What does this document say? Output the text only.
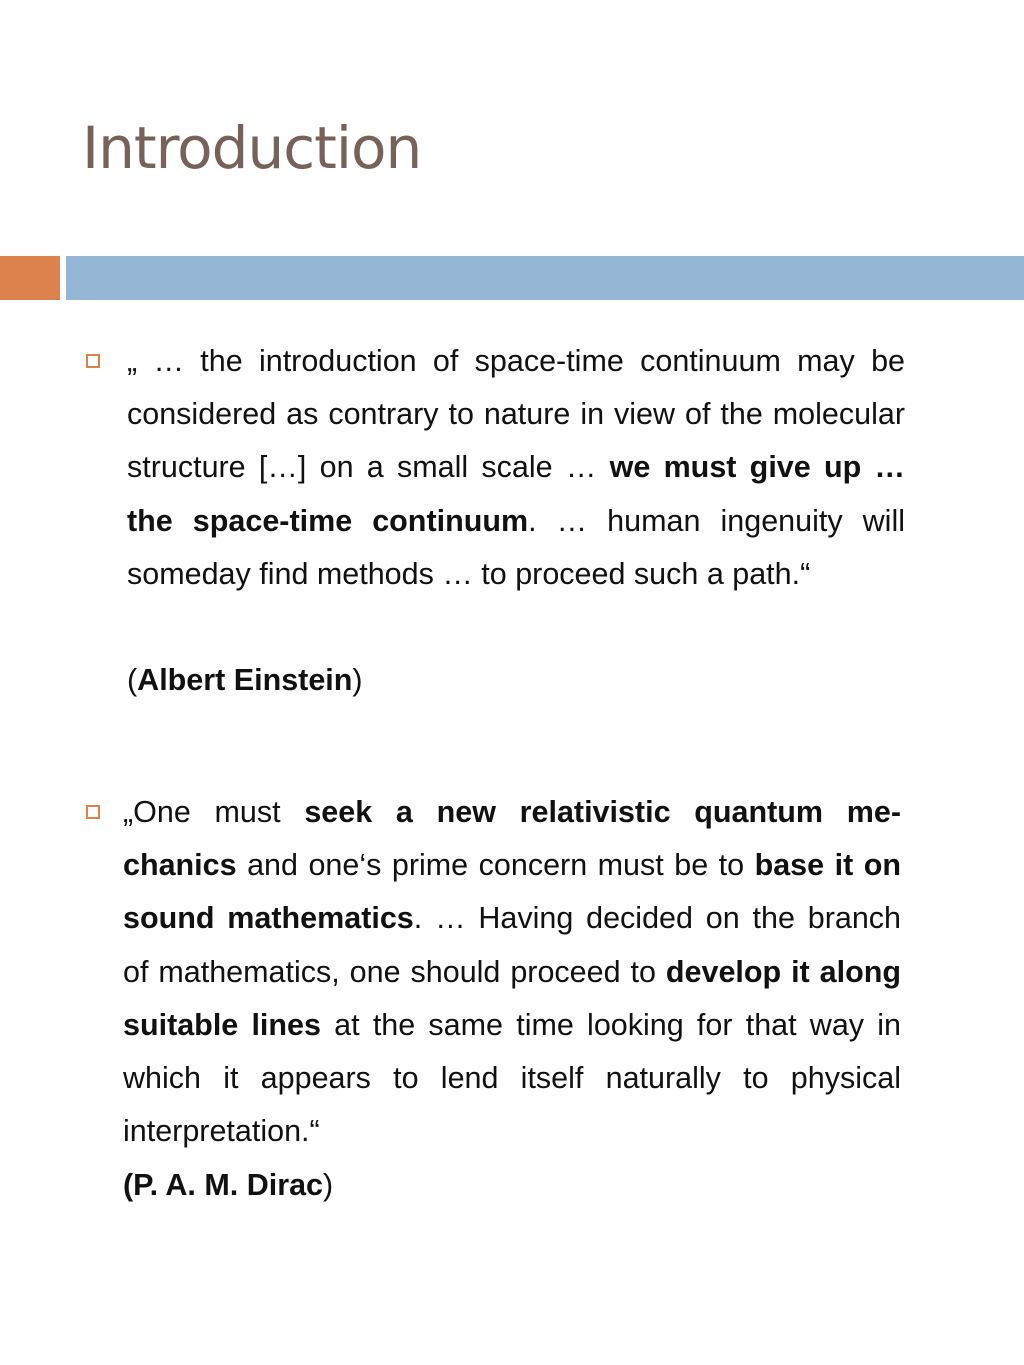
Introduction

„ … the introduction of space-time continuum may be considered as contrary to nature in view of the molecular structure […] on a small scale … we must give up … the space-time continuum. … human ingenuity will someday find methods … to proceed such a path.“

(Albert Einstein)

„One must seek a new relativistic quantum me-chanics and one‘s prime concern must be to base it on sound mathematics. … Having decided on the branch of mathematics, one should proceed to develop it along suitable lines at the same time looking for that way in which it appears to lend itself naturally to physical interpretation.“

(P. A. M. Dirac)
